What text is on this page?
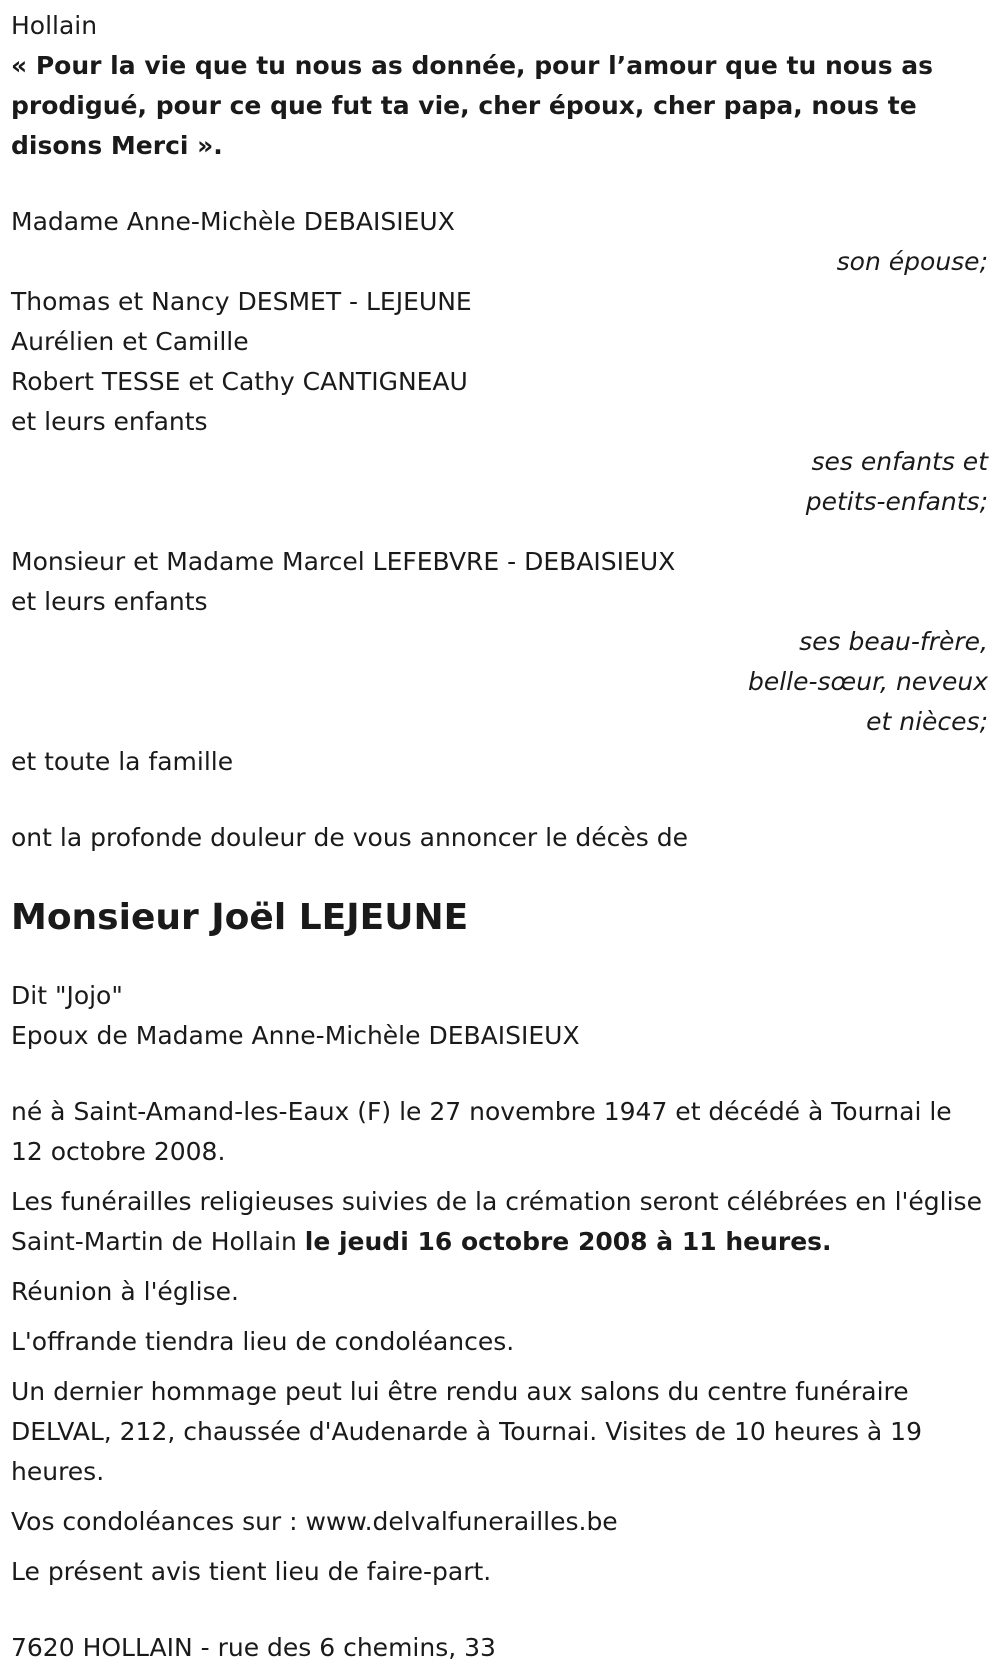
Hollain
« Pour la vie que tu nous as donnée, pour l’amour que tu nous as prodigué, pour ce que fut ta vie, cher époux, cher papa, nous te disons Merci ».
Madame Anne-Michèle DEBAISIEUX
son épouse;
Thomas et Nancy DESMET - LEJEUNE
Aurélien et Camille
Robert TESSE et Cathy CANTIGNEAU
et leurs enfants
ses enfants et
petits-enfants;
Monsieur et Madame Marcel LEFEBVRE - DEBAISIEUX
et leurs enfants
ses beau-frère,
belle-sœur, neveux
et nièces;
et toute la famille
ont la profonde douleur de vous annoncer le décès de
Monsieur Joël LEJEUNE
Dit "Jojo"
Epoux de Madame Anne-Michèle DEBAISIEUX
né à Saint-Amand-les-Eaux (F) le 27 novembre 1947 et décédé à Tournai le 12 octobre 2008.
Les funérailles religieuses suivies de la crémation seront célébrées en l'église Saint-Martin de Hollain le jeudi 16 octobre 2008 à 11 heures.
Réunion à l'église.
L'offrande tiendra lieu de condoléances.
Un dernier hommage peut lui être rendu aux salons du centre funéraire DELVAL, 212, chaussée d'Audenarde à Tournai. Visites de 10 heures à 19 heures.
Vos condoléances sur : www.delvalfunerailles.be
Le présent avis tient lieu de faire-part.
7620 HOLLAIN - rue des 6 chemins, 33
